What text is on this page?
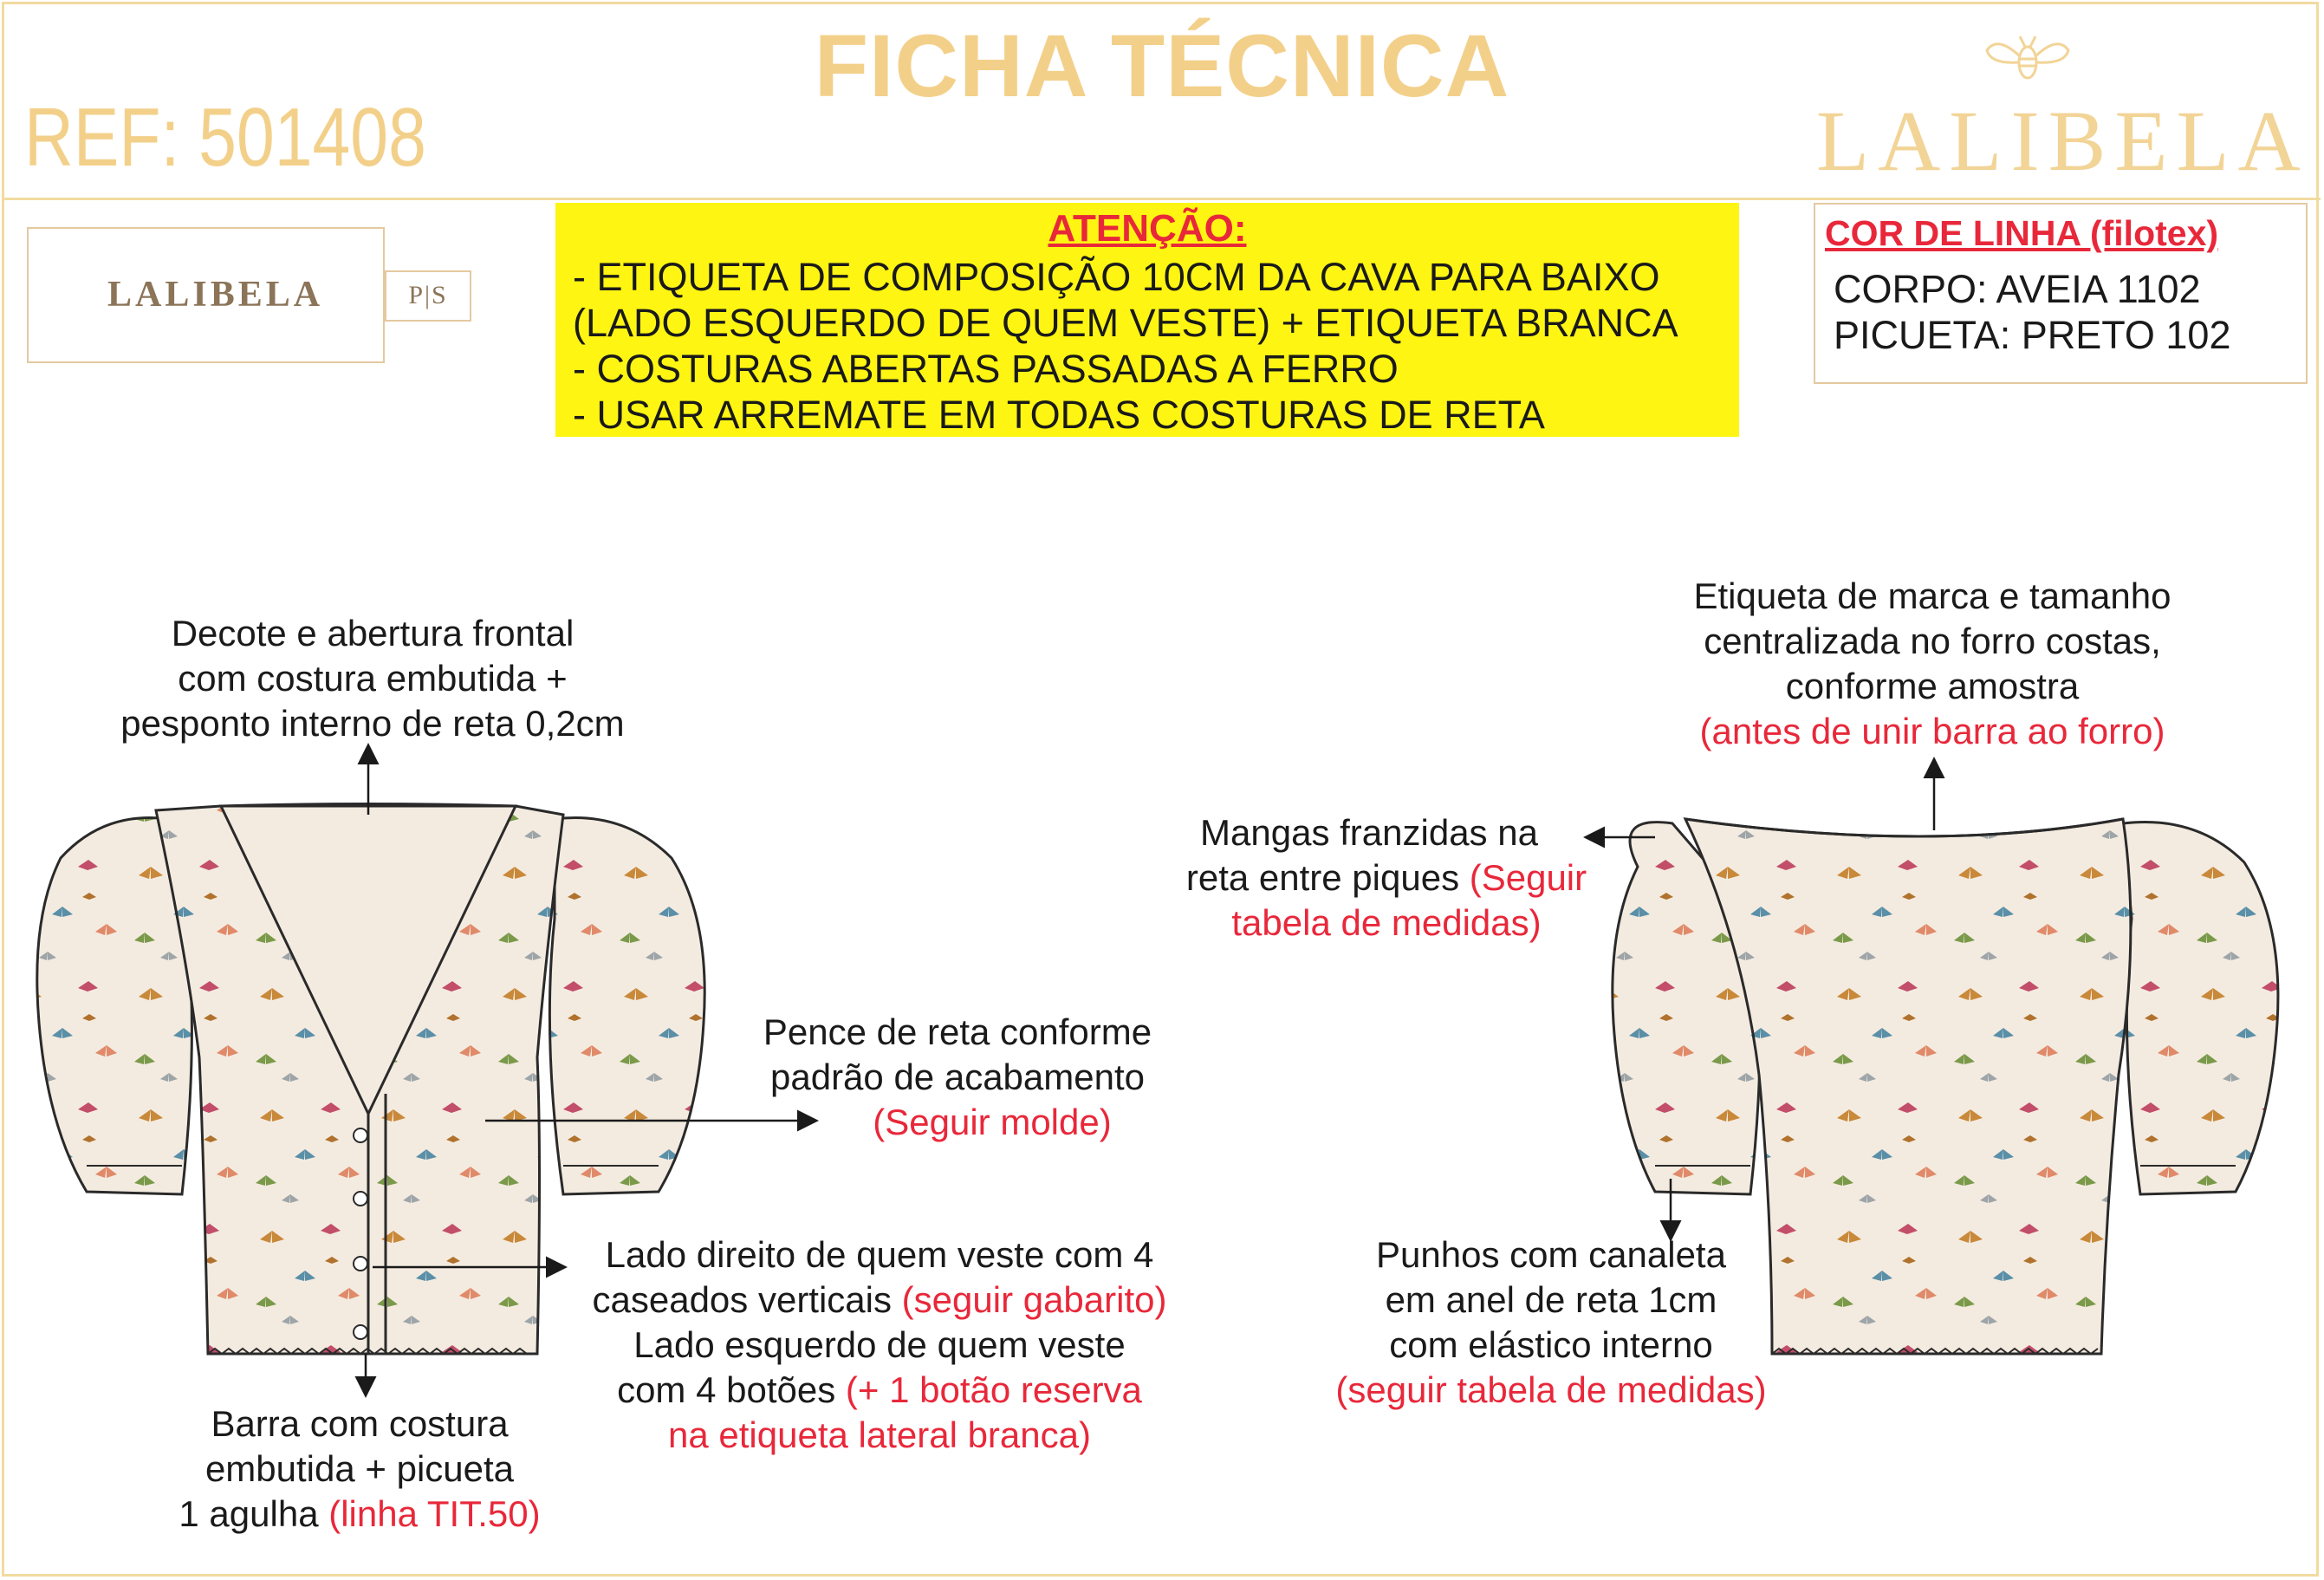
FICHA TÉCNICA
REF: 501408	LALIBELA
LALIBELA	P|S
ATENÇÃO:
- ETIQUETA DE COMPOSIÇÃO 10CM DA CAVA PARA BAIXO
(LADO ESQUERDO DE QUEM VESTE) + ETIQUETA BRANCA
- COSTURAS ABERTAS PASSADAS A FERRO
- USAR ARREMATE EM TODAS COSTURAS DE RETA
COR DE LINHA (filotex)
CORPO: AVEIA 1102
PICUETA: PRETO 102
Decote e abertura frontal
com costura embutida +
pesponto interno de reta 0,2cm
Pence de reta conforme
padrão de acabamento
(Seguir molde)
Lado direito de quem veste com 4
caseados verticais (seguir gabarito)
Lado esquerdo de quem veste
com 4 botões (+ 1 botão reserva
na etiqueta lateral branca)
Barra com costura
embutida + picueta
1 agulha (linha TIT.50)
Etiqueta de marca e tamanho
centralizada no forro costas,
conforme amostra
(antes de unir barra ao forro)
Mangas franzidas na
reta entre piques (Seguir
tabela de medidas)
Punhos com canaleta
em anel de reta 1cm
com elástico interno
(seguir tabela de medidas)
